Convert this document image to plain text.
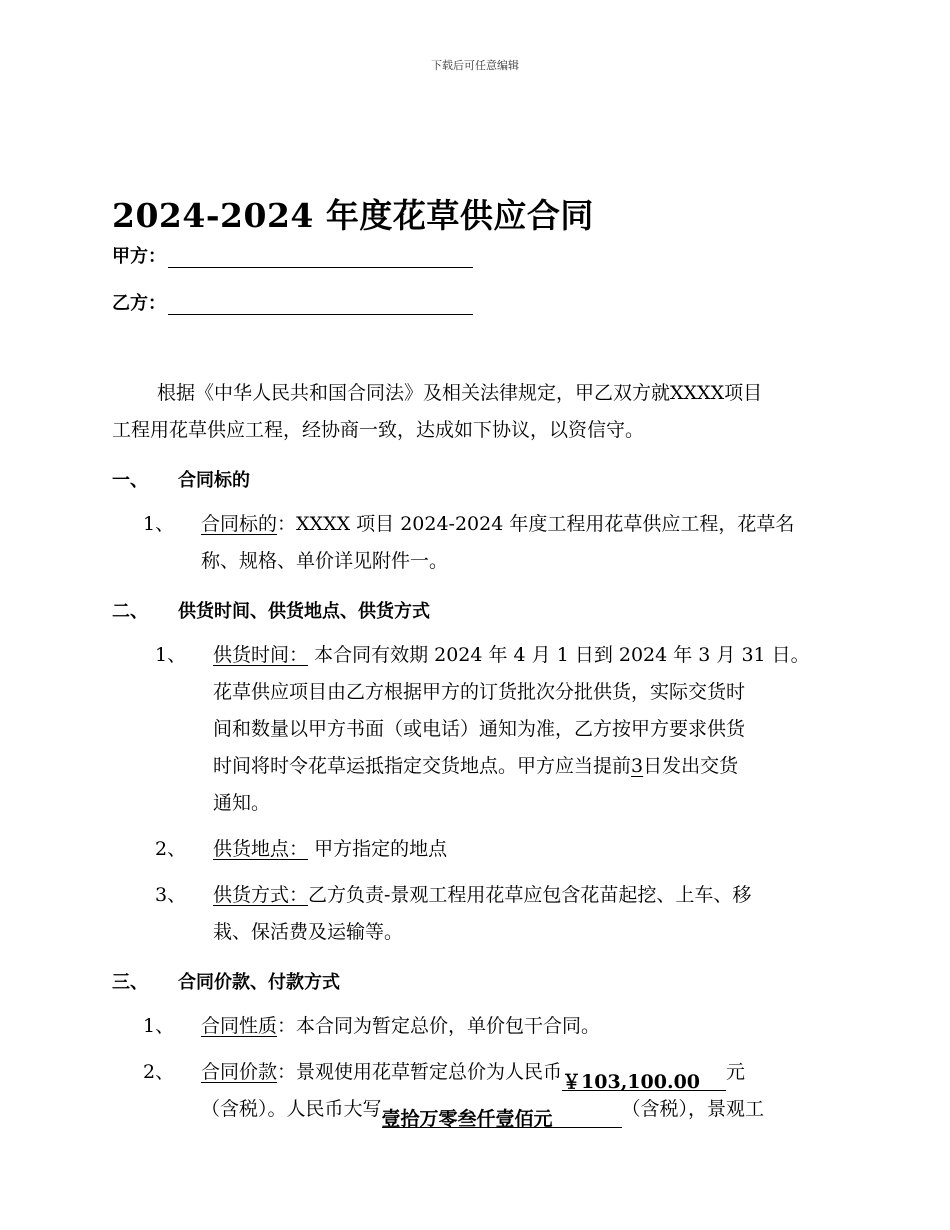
下载后可任意编辑
2024-2024 年度花草供应合同
甲方：
乙方：
根据《中华人民共和国合同法》及相关法律规定，甲乙双方就XXXX项目
工程用花草供应工程，经协商一致，达成如下协议，以资信守。
一、 合同标的
1、	合同标的：XXXX 项目 2024-2024 年度工程用花草供应工程，花草名
称、规格、单价详见附件一。
二、 供货时间、供货地点、供货方式
1、	供货时间： 本合同有效期 2024 年 4 月 1 日到 2024 年 3 月 31 日。
花草供应项目由乙方根据甲方的订货批次分批供货，实际交货时
间和数量以甲方书面（或电话）通知为准，乙方按甲方要求供货
时间将时令花草运抵指定交货地点。甲方应当提前3日发出交货
通知。
2、	供货地点： 甲方指定的地点
3、	供货方式：乙方负责-景观工程用花草应包含花苗起挖、上车、移
栽、保活费及运输等。
三、 合同价款、付款方式
1、	合同性质：本合同为暂定总价，单价包干合同。
2、	合同价款：景观使用花草暂定总价为人民币￥103,100.00 元
（含税）。人民币大写壹拾万零叁仟壹佰元	（含税），景观工
